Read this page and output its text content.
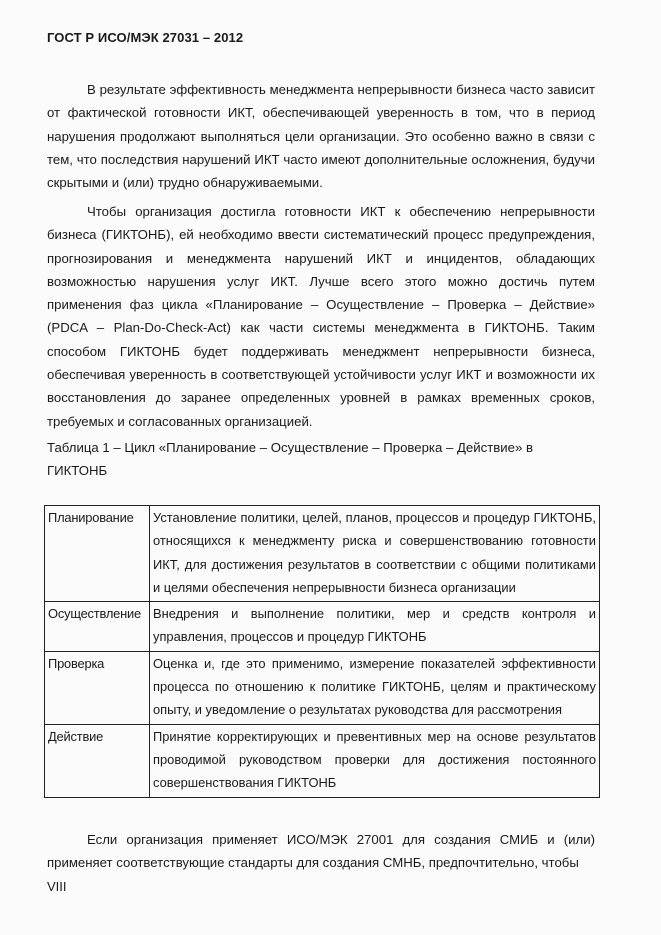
ГОСТ Р ИСО/МЭК 27031 – 2012

В результате эффективность менеджмента непрерывности бизнеса часто зависит от фактической готовности ИКТ, обеспечивающей уверенность в том, что в период нарушения продолжают выполняться цели организации. Это особенно важно в связи с тем, что последствия нарушений ИКТ часто имеют дополнительные осложнения, будучи скрытыми и (или) трудно обнаруживаемыми.

Чтобы организация достигла готовности ИКТ к обеспечению непрерывности бизнеса (ГИКТОНБ), ей необходимо ввести систематический процесс предупреждения, прогнозирования и менеджмента нарушений ИКТ и инцидентов, обладающих возможностью нарушения услуг ИКТ. Лучше всего этого можно достичь путем применения фаз цикла «Планирование – Осуществление – Проверка – Действие» (PDCA – Plan-Do-Check-Act) как части системы менеджмента в ГИКТОНБ. Таким способом ГИКТОНБ будет поддерживать менеджмент непрерывности бизнеса, обеспечивая уверенность в соответствующей устойчивости услуг ИКТ и возможности их восстановления до заранее определенных уровней в рамках временных сроков, требуемых и согласованных организацией.

Таблица 1 – Цикл «Планирование – Осуществление – Проверка – Действие» в ГИКТОНБ
Планирование	Установление политики, целей, планов, процессов и процедур ГИКТОНБ, относящихся к менеджменту риска и совершенствованию готовности ИКТ, для достижения результатов в соответствии с общими политиками и целями обеспечения непрерывности бизнеса организации
Осуществление	Внедрения и выполнение политики, мер и средств контроля и управления, процессов и процедур ГИКТОНБ
Проверка	Оценка и, где это применимо, измерение показателей эффективности процесса по отношению к политике ГИКТОНБ, целям и практическому опыту, и уведомление о результатах руководства для рассмотрения
Действие	Принятие корректирующих и превентивных мер на основе результатов проводимой руководством проверки для достижения постоянного совершенствования ГИКТОНБ

Если организация применяет ИСО/МЭК 27001 для создания СМИБ и (или) применяет соответствующие стандарты для создания СМНБ, предпочтительно, чтобы

VIII
